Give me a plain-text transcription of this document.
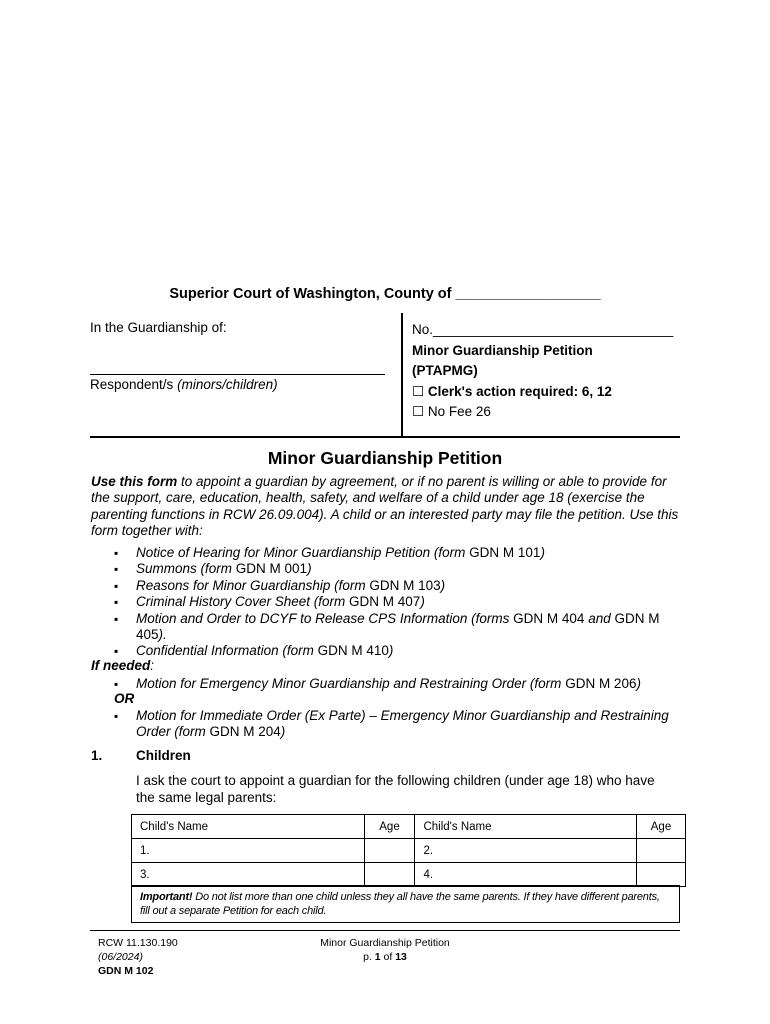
Superior Court of Washington, County of __________________
In the Guardianship of:
Respondent/s (minors/children)
No.________________________________
Minor Guardianship Petition
(PTAPMG)
☐ Clerk's action required: 6, 12
☐ No Fee 26
Minor Guardianship Petition
Use this form to appoint a guardian by agreement, or if no parent is willing or able to provide for the support, care, education, health, safety, and welfare of a child under age 18 (exercise the parenting functions in RCW 26.09.004). A child or an interested party may file the petition. Use this form together with:
▪ Notice of Hearing for Minor Guardianship Petition (form GDN M 101)
▪ Summons (form GDN M 001)
▪ Reasons for Minor Guardianship (form GDN M 103)
▪ Criminal History Cover Sheet (form GDN M 407)
▪ Motion and Order to DCYF to Release CPS Information (forms GDN M 404 and GDN M 405).
▪ Confidential Information (form GDN M 410)
If needed:
▪ Motion for Emergency Minor Guardianship and Restraining Order (form GDN M 206)
OR
▪ Motion for Immediate Order (Ex Parte) – Emergency Minor Guardianship and Restraining Order (form GDN M 204)
1. Children
I ask the court to appoint a guardian for the following children (under age 18) who have the same legal parents:
Child's Name	Age	Child's Name	Age
1.		2.	
3.		4.	
Important! Do not list more than one child unless they all have the same parents. If they have different parents, fill out a separate Petition for each child.
RCW 11.130.190
(06/2024)
GDN M 102
Minor Guardianship Petition
p. 1 of 13
